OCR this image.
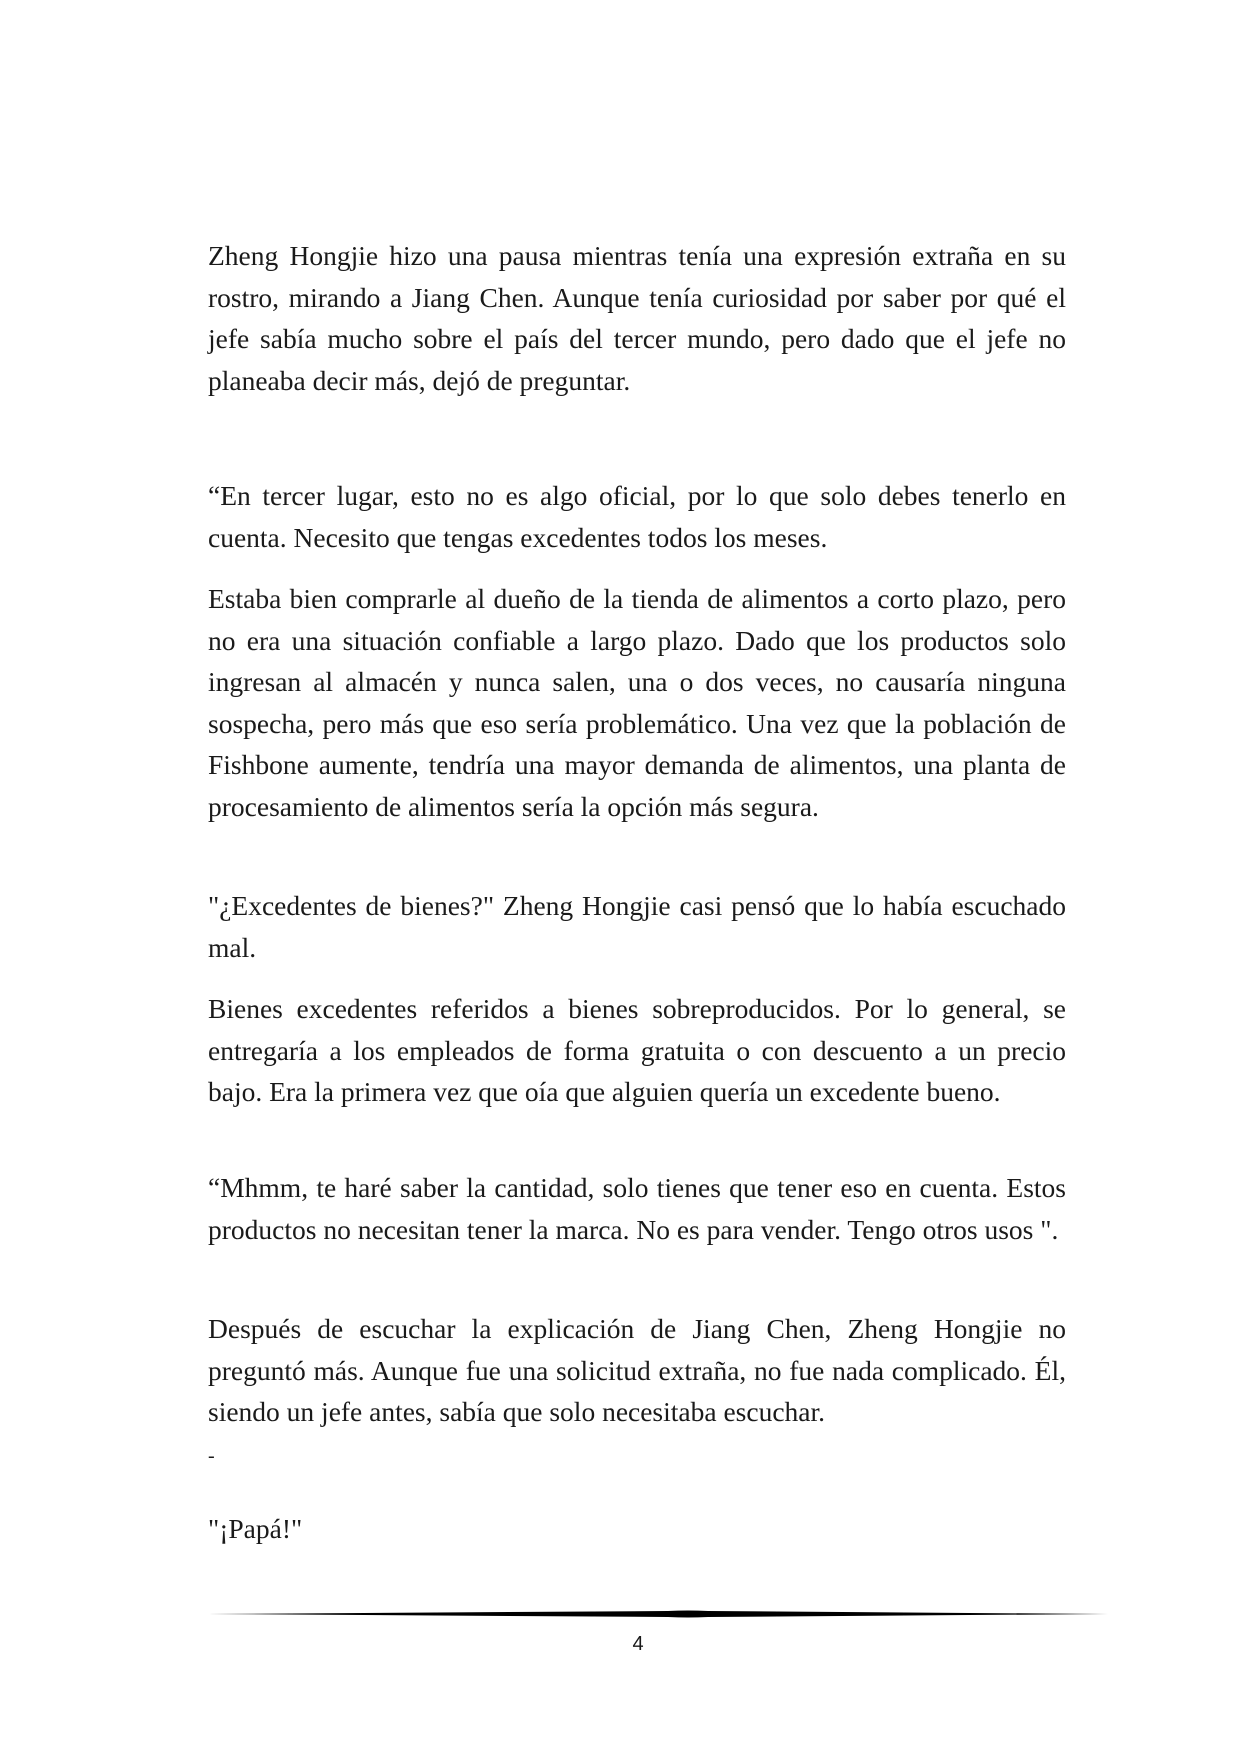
Zheng Hongjie hizo una pausa mientras tenía una expresión extraña en su rostro, mirando a Jiang Chen. Aunque tenía curiosidad por saber por qué el jefe sabía mucho sobre el país del tercer mundo, pero dado que el jefe no planeaba decir más, dejó de preguntar.

“En tercer lugar, esto no es algo oficial, por lo que solo debes tenerlo en cuenta. Necesito que tengas excedentes todos los meses.

Estaba bien comprarle al dueño de la tienda de alimentos a corto plazo, pero no era una situación confiable a largo plazo. Dado que los productos solo ingresan al almacén y nunca salen, una o dos veces, no causaría ninguna sospecha, pero más que eso sería problemático. Una vez que la población de Fishbone aumente, tendría una mayor demanda de alimentos, una planta de procesamiento de alimentos sería la opción más segura.

"¿Excedentes de bienes?" Zheng Hongjie casi pensó que lo había escuchado mal.

Bienes excedentes referidos a bienes sobreproducidos. Por lo general, se entregaría a los empleados de forma gratuita o con descuento a un precio bajo. Era la primera vez que oía que alguien quería un excedente bueno.

“Mhmm, te haré saber la cantidad, solo tienes que tener eso en cuenta. Estos productos no necesitan tener la marca. No es para vender. Tengo otros usos ".

Después de escuchar la explicación de Jiang Chen, Zheng Hongjie no preguntó más. Aunque fue una solicitud extraña, no fue nada complicado. Él, siendo un jefe antes, sabía que solo necesitaba escuchar.

-

"¡Papá!"

4
